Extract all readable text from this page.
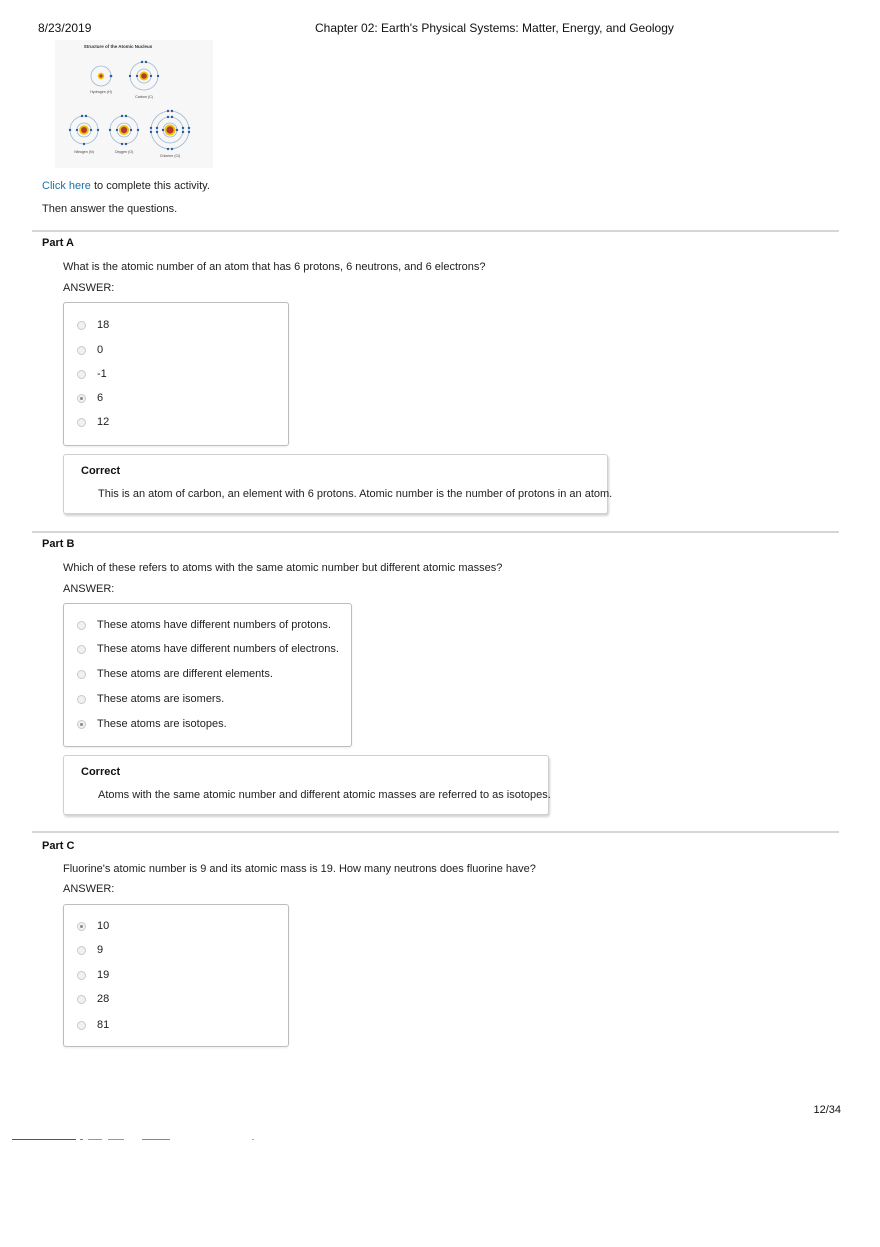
8/23/2019	Chapter 02: Earth's Physical Systems: Matter, Energy, and Geology
Structure of the Atomic Nucleus
Hydrogen (H)
Carbon (C)
Nitrogen (N)	Oxygen (O)
Chlorine (Cl)
Click here to complete this activity.
Then answer the questions.
Part A
What is the atomic number of an atom that has 6 protons, 6 neutrons, and 6 electrons?
ANSWER:
18
0
-1
6
12
Correct
This is an atom of carbon, an element with 6 protons. Atomic number is the number of protons in an atom.
Part B
Which of these refers to atoms with the same atomic number but different atomic masses?
ANSWER:
These atoms have different numbers of protons.
These atoms have different numbers of electrons.
These atoms are different elements.
These atoms are isomers.
These atoms are isotopes.
Correct
Atoms with the same atomic number and different atomic masses are referred to as isotopes.
Part C
Fluorine's atomic number is 9 and its atomic mass is 19. How many neutrons does fluorine have?
ANSWER:
10
9
19
28
81
12/34
